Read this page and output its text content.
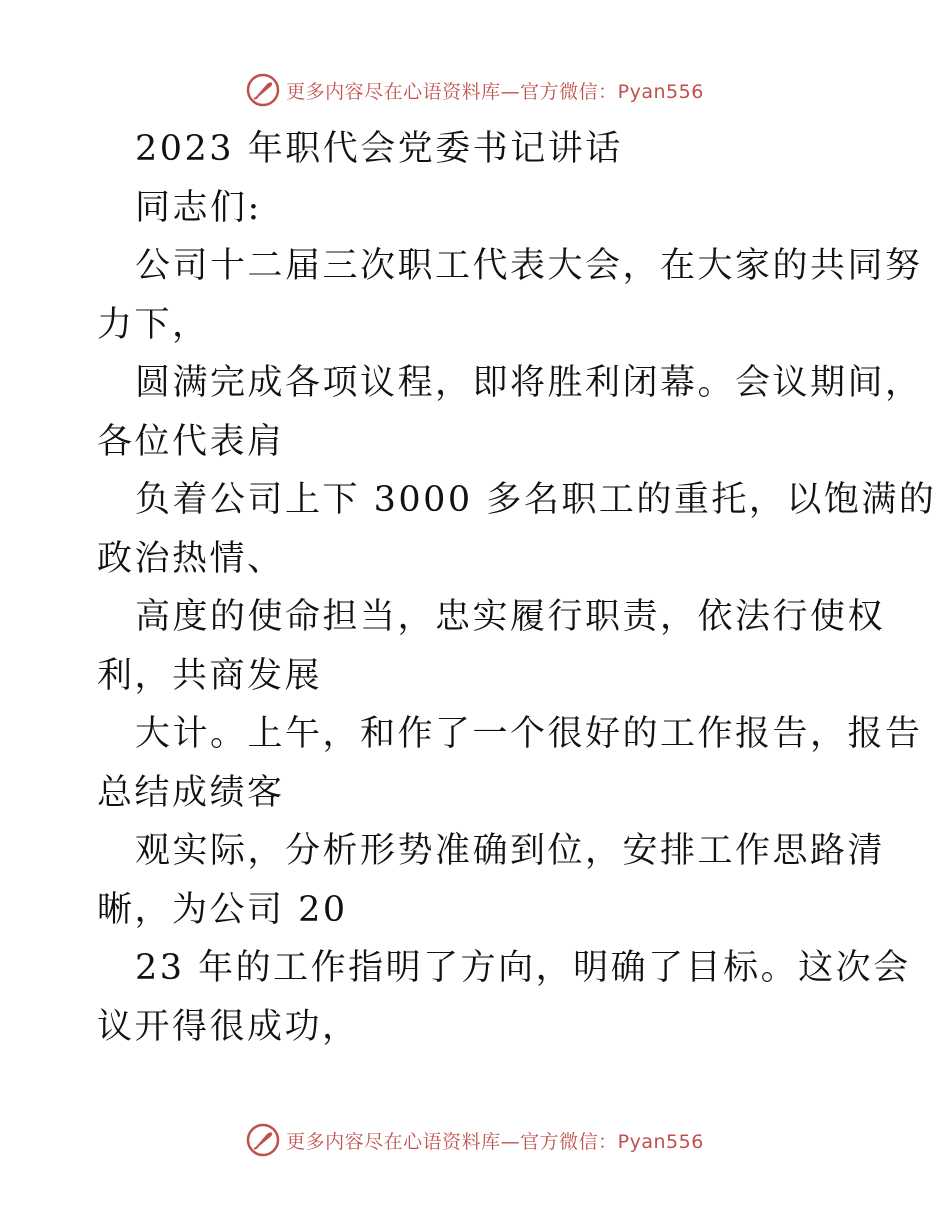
更多内容尽在心语资料库—官方微信：Pyan556
2023 年职代会党委书记讲话
同志们:
公司十二届三次职工代表大会，在大家的共同努
力下，
圆满完成各项议程，即将胜利闭幕。会议期间，
各位代表肩
负着公司上下 3000 多名职工的重托，以饱满的
政治热情、
高度的使命担当，忠实履行职责，依法行使权
利，共商发展
大计。上午，和作了一个很好的工作报告，报告
总结成绩客
观实际，分析形势准确到位，安排工作思路清
晰，为公司 20
23 年的工作指明了方向，明确了目标。这次会
议开得很成功，
更多内容尽在心语资料库—官方微信：Pyan556
